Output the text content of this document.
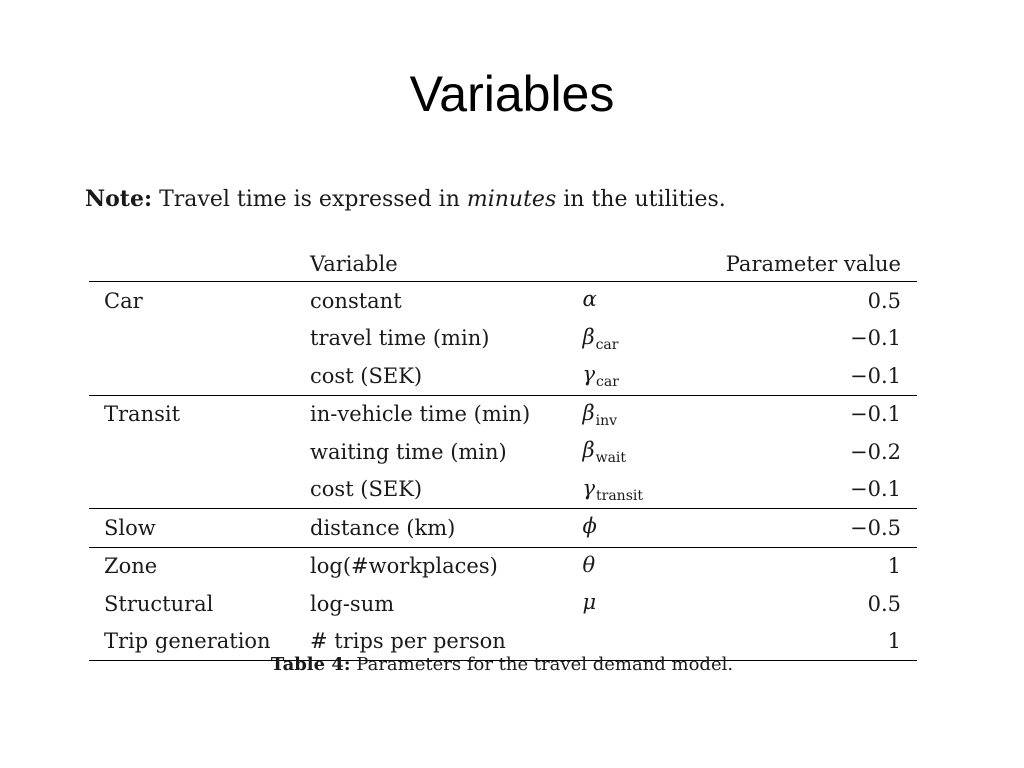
Variables
Note: Travel time is expressed in minutes in the utilities.
	Variable		Parameter value
Car	constant	α	0.5
	travel time (min)	$\beta_{car}$	−0.1
	cost (SEK)	$\gamma_{car}$	−0.1
Transit	in-vehicle time (min)	$\beta_{inv}$	−0.1
	waiting time (min)	$\beta_{wait}$	−0.2
	cost (SEK)	$\gamma_{transit}$	−0.1
Slow	distance (km)	ϕ	−0.5
Zone	log(#workplaces)	θ	1
Structural	log-sum	μ	0.5
Trip generation	# trips per person		1
Table 4: Parameters for the travel demand model.
